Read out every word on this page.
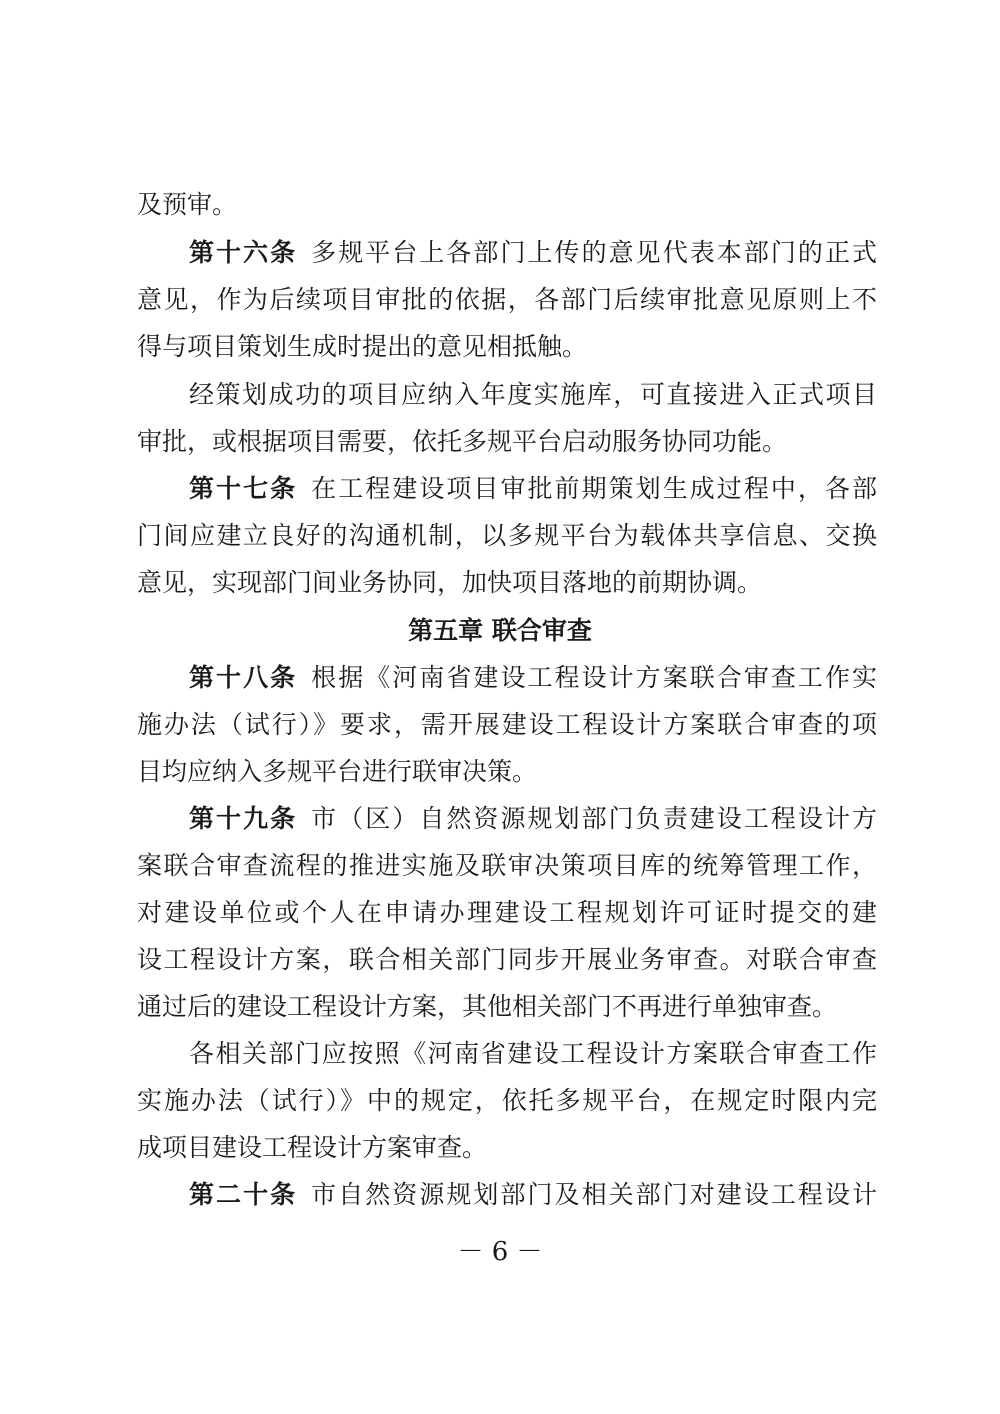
及预审。
第十六条 多规平台上各部门上传的意见代表本部门的正式
意见，作为后续项目审批的依据，各部门后续审批意见原则上不
得与项目策划生成时提出的意见相抵触。
经策划成功的项目应纳入年度实施库，可直接进入正式项目
审批，或根据项目需要，依托多规平台启动服务协同功能。
第十七条 在工程建设项目审批前期策划生成过程中，各部
门间应建立良好的沟通机制，以多规平台为载体共享信息、交换
意见，实现部门间业务协同，加快项目落地的前期协调。
第五章 联合审查
第十八条 根据《河南省建设工程设计方案联合审查工作实
施办法（试行）》要求，需开展建设工程设计方案联合审查的项
目均应纳入多规平台进行联审决策。
第十九条 市（区）自然资源规划部门负责建设工程设计方
案联合审查流程的推进实施及联审决策项目库的统筹管理工作，
对建设单位或个人在申请办理建设工程规划许可证时提交的建
设工程设计方案，联合相关部门同步开展业务审查。对联合审查
通过后的建设工程设计方案，其他相关部门不再进行单独审查。
各相关部门应按照《河南省建设工程设计方案联合审查工作
实施办法（试行）》中的规定，依托多规平台，在规定时限内完
成项目建设工程设计方案审查。
第二十条 市自然资源规划部门及相关部门对建设工程设计
－ 6 －
